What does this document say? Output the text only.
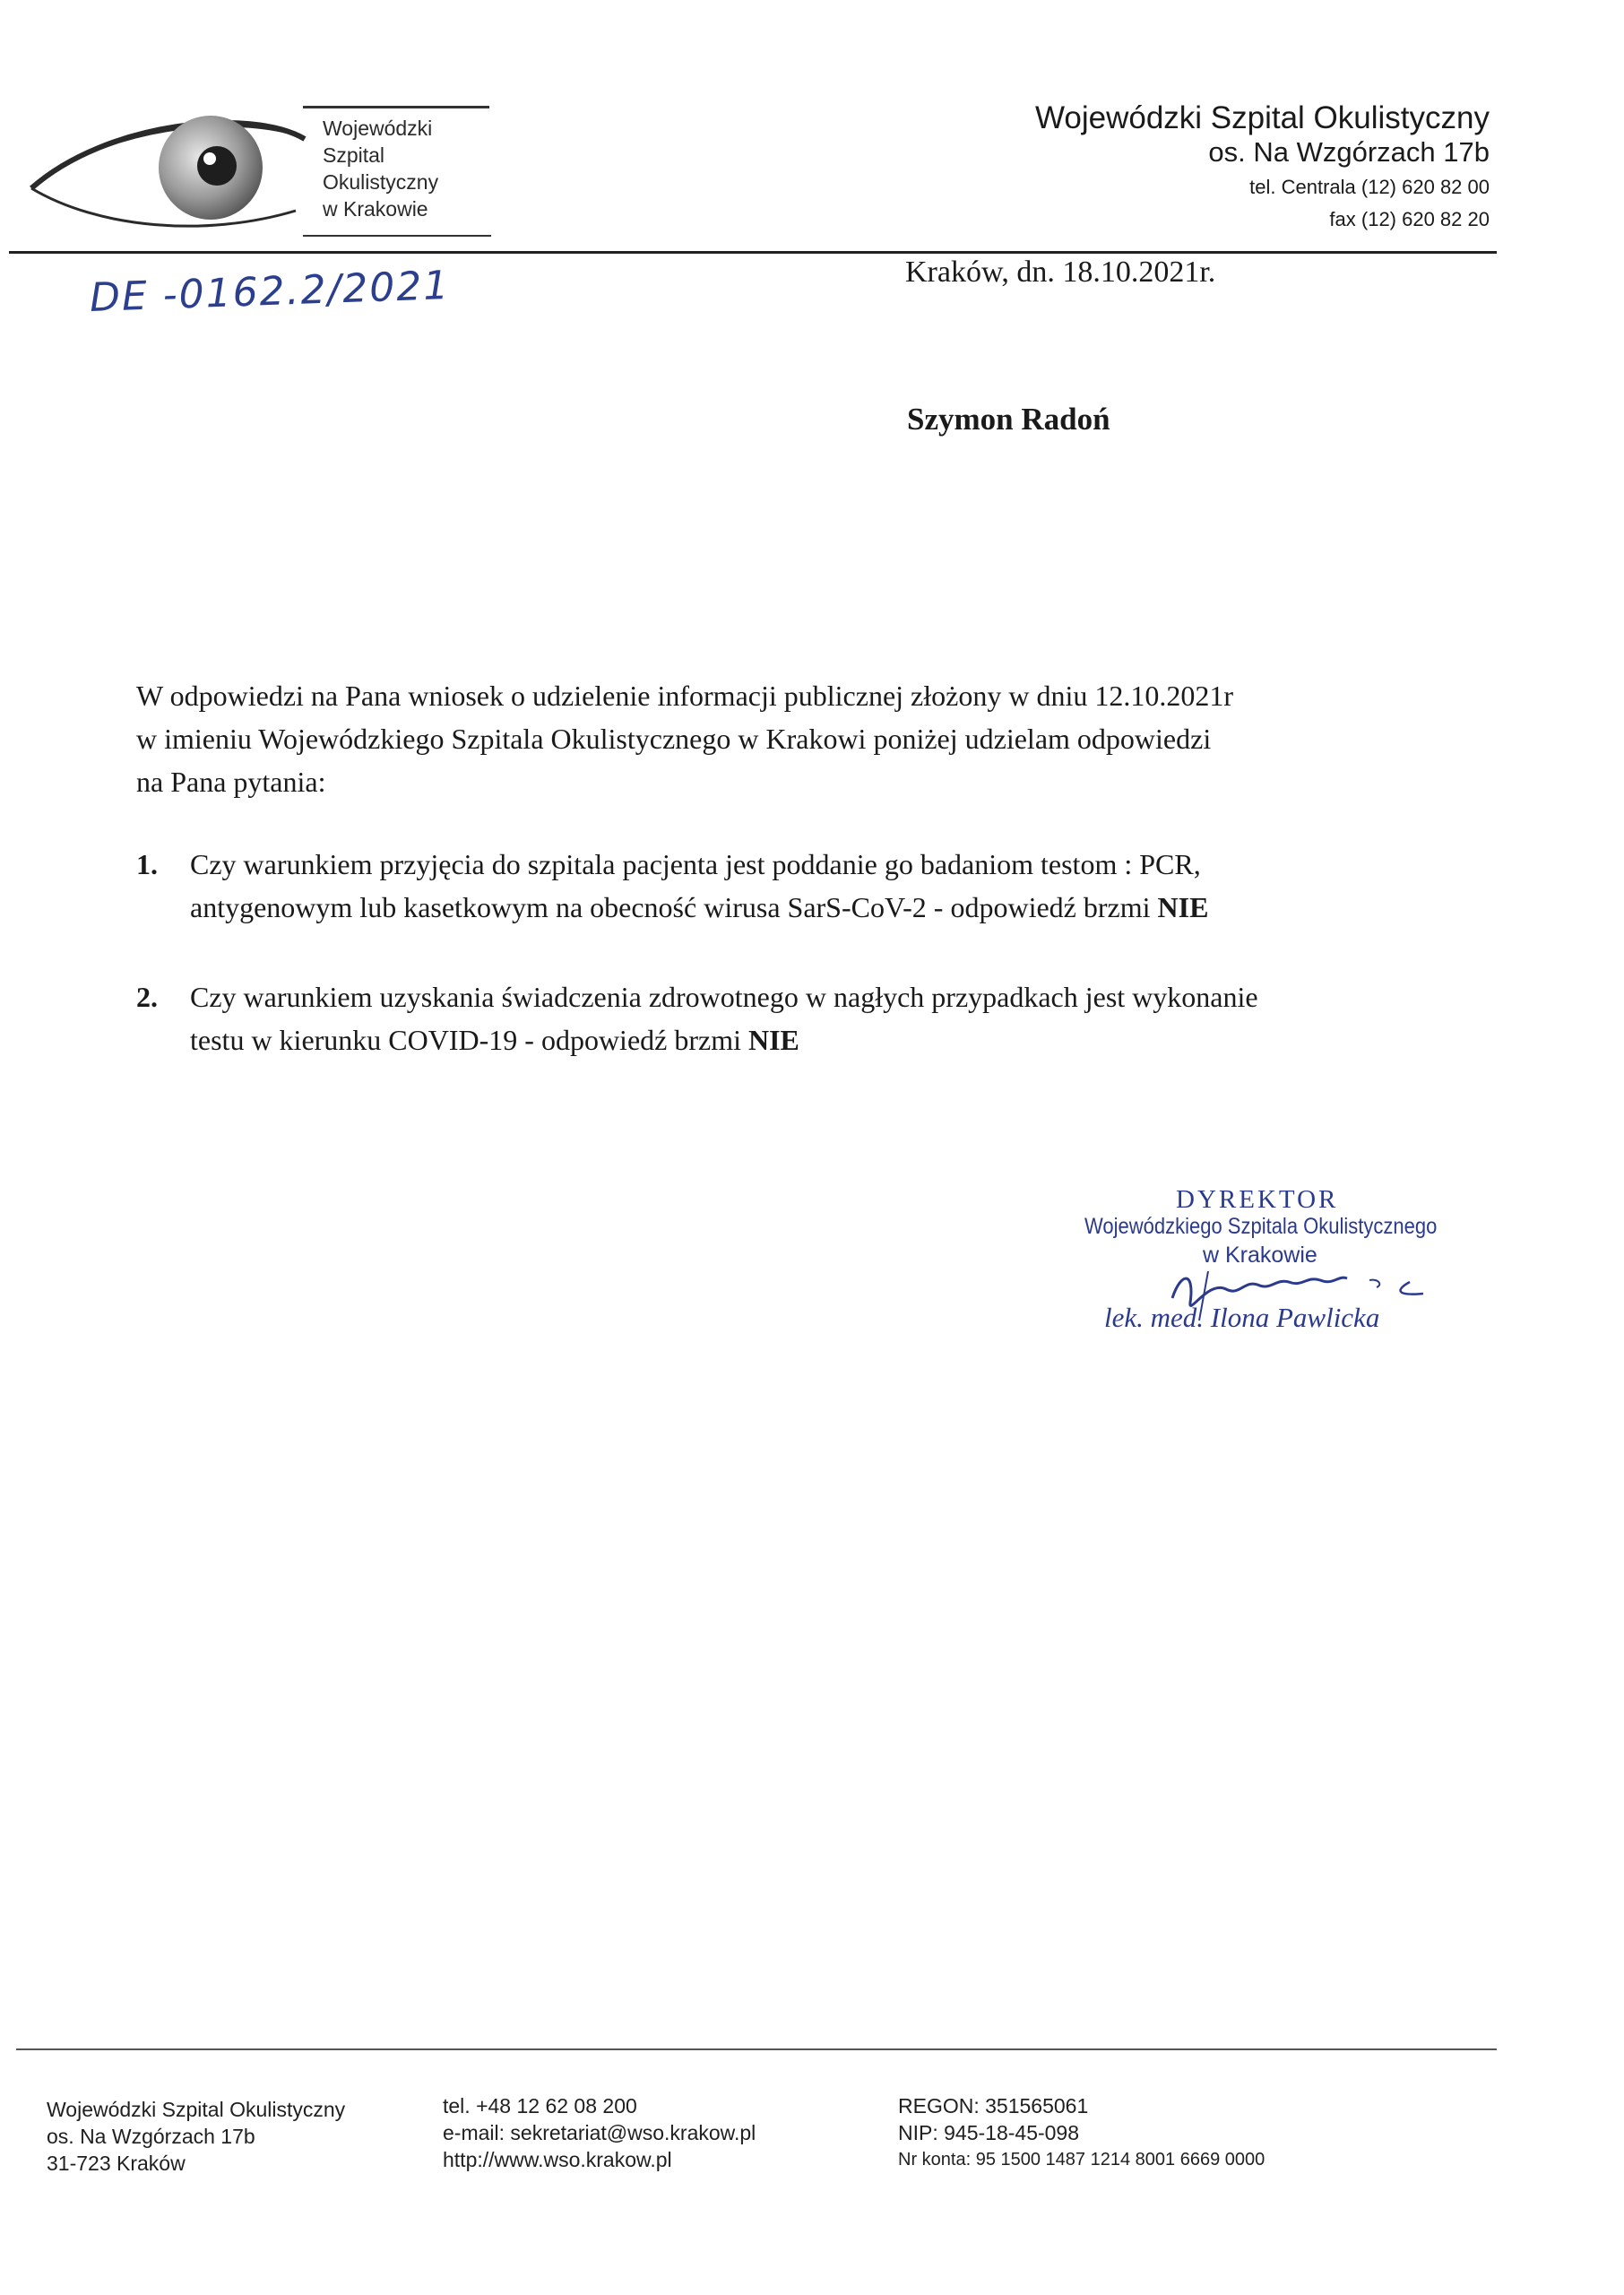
Wojewódzki
Szpital
Okulistyczny
w Krakowie
Wojewódzki Szpital Okulistyczny
os. Na Wzgórzach 17b
tel. Centrala (12) 620 82 00
fax (12) 620 82 20
DE -0162.2/2021	Kraków, dn. 18.10.2021r.
Szymon Radoń
W odpowiedzi na Pana wniosek o udzielenie informacji publicznej złożony w dniu 12.10.2021r
w imieniu Wojewódzkiego Szpitala Okulistycznego w Krakowi poniżej udzielam odpowiedzi
na Pana pytania:
1. Czy warunkiem przyjęcia do szpitala pacjenta jest poddanie go badaniom testom : PCR,
antygenowym lub kasetkowym na obecność wirusa SarS-CoV-2 - odpowiedź brzmi NIE
2. Czy warunkiem uzyskania świadczenia zdrowotnego w nagłych przypadkach jest wykonanie
testu w kierunku COVID-19 - odpowiedź brzmi NIE
DYREKTOR
Wojewódzkiego Szpitala Okulistycznego
w Krakowie
lek. med. Ilona Pawlicka
Wojewódzki Szpital Okulistyczny
os. Na Wzgórzach 17b
31-723 Kraków
tel. +48 12 62 08 200
e-mail: sekretariat@wso.krakow.pl
http://www.wso.krakow.pl
REGON: 351565061
NIP: 945-18-45-098
Nr konta: 95 1500 1487 1214 8001 6669 0000
